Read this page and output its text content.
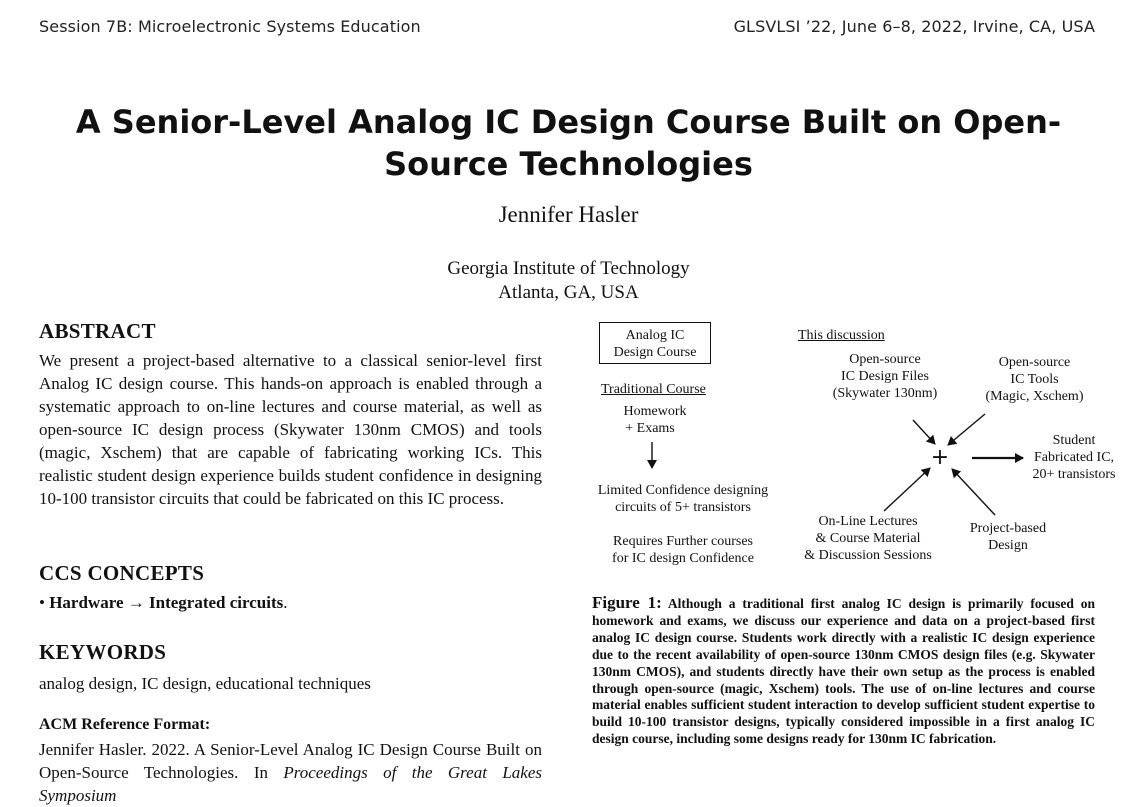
Session 7B: Microelectronic Systems Education	GLSVLSI ’22, June 6–8, 2022, Irvine, CA, USA
A Senior-Level Analog IC Design Course Built on Open-Source Technologies
Jennifer Hasler
Georgia Institute of Technology
Atlanta, GA, USA
ABSTRACT
We present a project-based alternative to a classical senior-level first Analog IC design course. This hands-on approach is enabled through a systematic approach to on-line lectures and course material, as well as open-source IC design process (Skywater 130nm CMOS) and tools (magic, Xschem) that are capable of fabricating working ICs. This realistic student design experience builds student confidence in designing 10-100 transistor circuits that could be fabricated on this IC process.
CCS CONCEPTS
• Hardware → Integrated circuits.
KEYWORDS
analog design, IC design, educational techniques
ACM Reference Format:
Jennifer Hasler. 2022. A Senior-Level Analog IC Design Course Built on Open-Source Technologies. In Proceedings of the Great Lakes Symposium
Analog IC
Design Course
This discussion
Traditional Course
Homework
+ Exams
Limited Confidence designing
circuits of 5+ transistors
Requires Further courses
for IC design Confidence
Open-source
IC Design Files
(Skywater 130nm)
Open-source
IC Tools
(Magic, Xschem)
Student
Fabricated IC,
20+ transistors
On-Line Lectures
& Course Material
& Discussion Sessions
Project-based
Design
+
Figure 1: Although a traditional first analog IC design is primarily focused on homework and exams, we discuss our experience and data on a project-based first analog IC design course. Students work directly with a realistic IC design experience due to the recent availability of open-source 130nm CMOS design files (e.g. Skywater 130nm CMOS), and students directly have their own setup as the process is enabled through open-source (magic, Xschem) tools. The use of on-line lectures and course material enables sufficient student interaction to develop sufficient student expertise to build 10-100 transistor designs, typically considered impossible in a first analog IC design course, including some designs ready for 130nm IC fabrication.
